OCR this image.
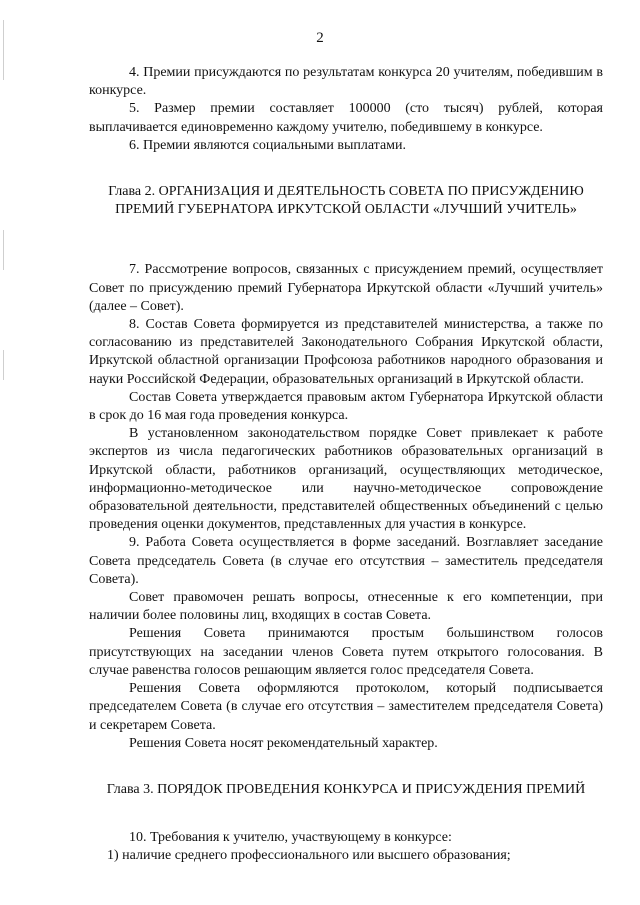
2

4. Премии присуждаются по результатам конкурса 20 учителям, победившим в конкурсе.

5. Размер премии составляет 100000 (сто тысяч) рублей, которая выплачивается единовременно каждому учителю, победившему в конкурсе.

6. Премии являются социальными выплатами.

Глава 2. ОРГАНИЗАЦИЯ И ДЕЯТЕЛЬНОСТЬ СОВЕТА ПО ПРИСУЖДЕНИЮ ПРЕМИЙ ГУБЕРНАТОРА ИРКУТСКОЙ ОБЛАСТИ «ЛУЧШИЙ УЧИТЕЛЬ»

7. Рассмотрение вопросов, связанных с присуждением премий, осуществляет Совет по присуждению премий Губернатора Иркутской области «Лучший учитель» (далее – Совет).

8. Состав Совета формируется из представителей министерства, а также по согласованию из представителей Законодательного Собрания Иркутской области, Иркутской областной организации Профсоюза работников народного образования и науки Российской Федерации, образовательных организаций в Иркутской области.

Состав Совета утверждается правовым актом Губернатора Иркутской области в срок до 16 мая года проведения конкурса.

В установленном законодательством порядке Совет привлекает к работе экспертов из числа педагогических работников образовательных организаций в Иркутской области, работников организаций, осуществляющих методическое, информационно-методическое или научно-методическое сопровождение образовательной деятельности, представителей общественных объединений с целью проведения оценки документов, представленных для участия в конкурсе.

9. Работа Совета осуществляется в форме заседаний. Возглавляет заседание Совета председатель Совета (в случае его отсутствия – заместитель председателя Совета).

Совет правомочен решать вопросы, отнесенные к его компетенции, при наличии более половины лиц, входящих в состав Совета.

Решения Совета принимаются простым большинством голосов присутствующих на заседании членов Совета путем открытого голосования. В случае равенства голосов решающим является голос председателя Совета.

Решения Совета оформляются протоколом, который подписывается председателем Совета (в случае его отсутствия – заместителем председателя Совета) и секретарем Совета.

Решения Совета носят рекомендательный характер.

Глава 3. ПОРЯДОК ПРОВЕДЕНИЯ КОНКУРСА И ПРИСУЖДЕНИЯ ПРЕМИЙ

10. Требования к учителю, участвующему в конкурсе:

1) наличие среднего профессионального или высшего образования;
